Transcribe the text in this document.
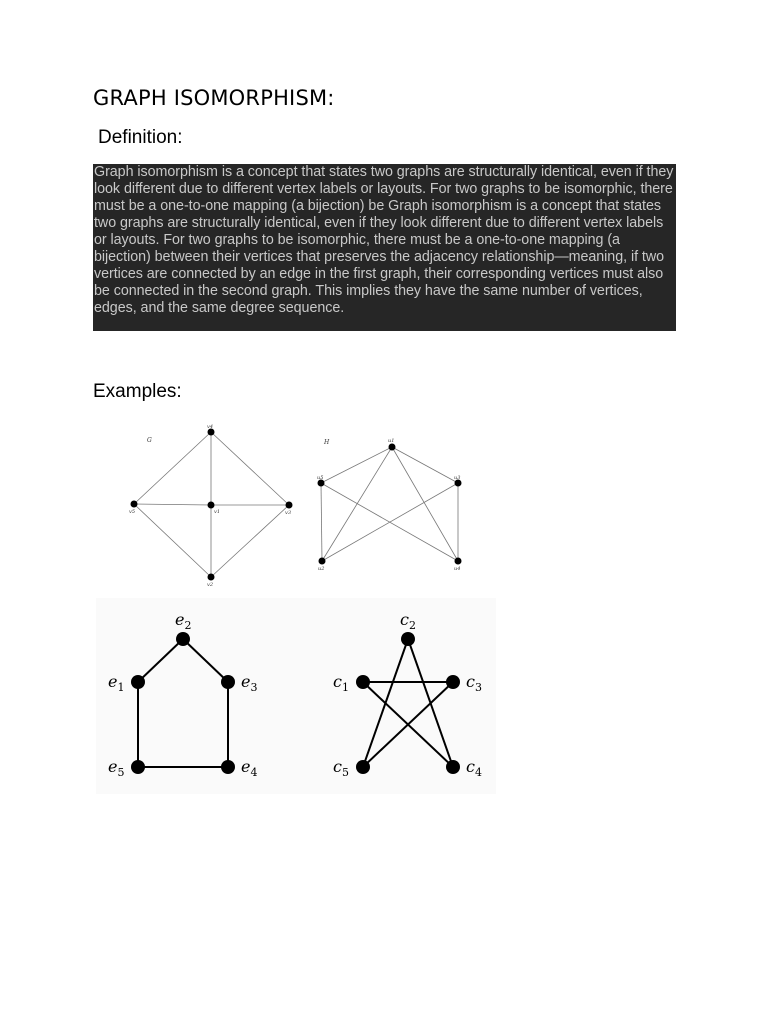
GRAPH ISOMORPHISM:
Definition:
Graph isomorphism is a concept that states two graphs are structurally identical, even if they look different due to different vertex labels or layouts. For two graphs to be isomorphic, there must be a one-to-one mapping (a bijection) be Graph isomorphism is a concept that states two graphs are structurally identical, even if they look different due to different vertex labels or layouts. For two graphs to be isomorphic, there must be a one-to-one mapping (a bijection) between their vertices that preserves the adjacency relationship—meaning, if two vertices are connected by an edge in the first graph, their corresponding vertices must also be connected in the second graph. This implies they have the same number of vertices, edges, and the same degree sequence.
Examples:
G
v4
v5	v1	v3
v2
H	u1
u5	u3
u2	u4
$e_2$
$e_1$	$e_3$
$e_5$	$e_4$
$c_2$
$c_1$	$c_3$
$c_5$	$c_4$
